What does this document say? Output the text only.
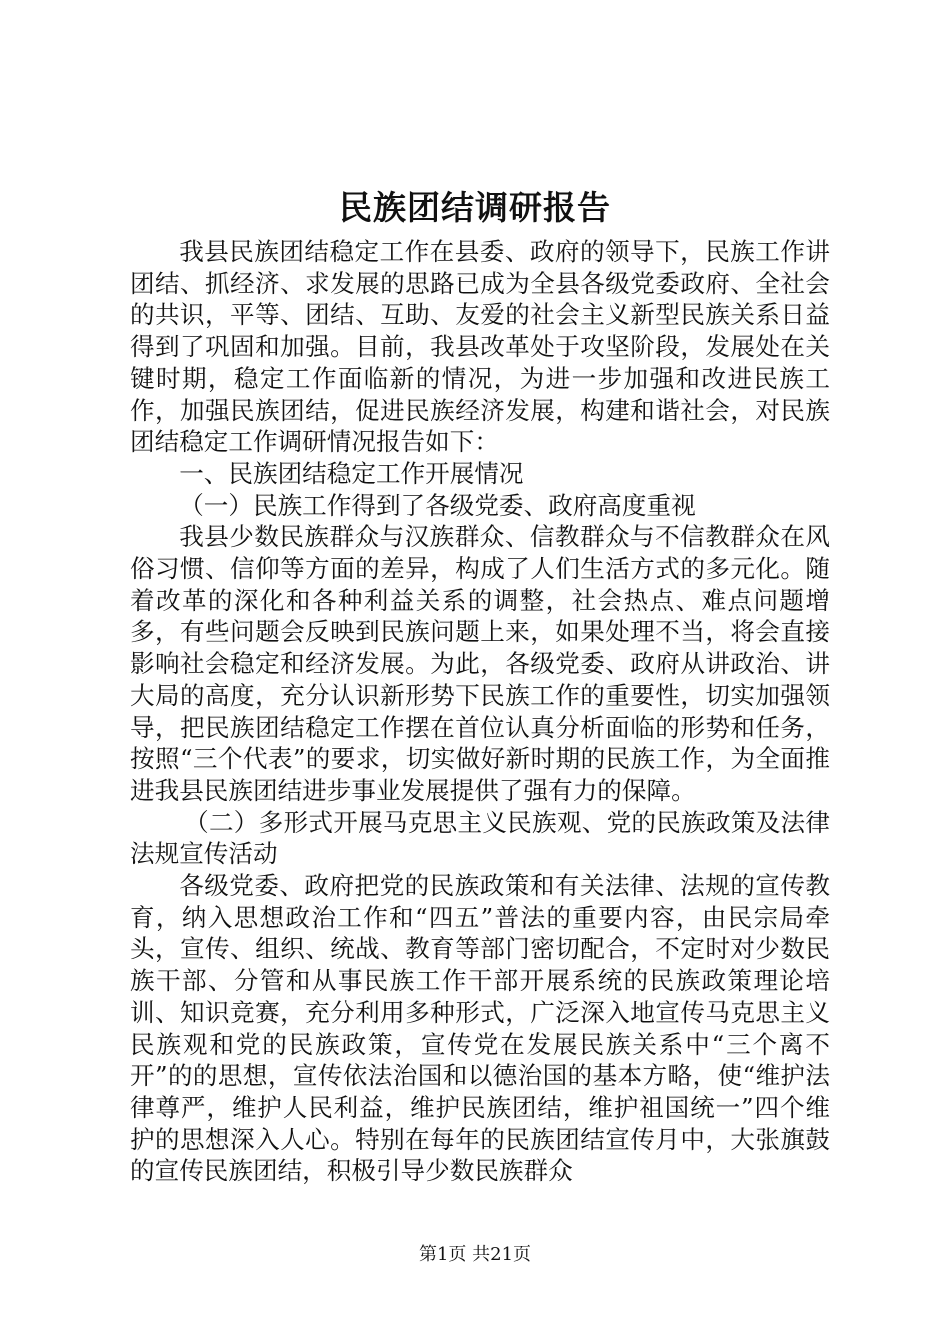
民族团结调研报告

我县民族团结稳定工作在县委、政府的领导下，民族工作讲团结、抓经济、求发展的思路已成为全县各级党委政府、全社会的共识，平等、团结、互助、友爱的社会主义新型民族关系日益得到了巩固和加强。目前，我县改革处于攻坚阶段，发展处在关键时期，稳定工作面临新的情况，为进一步加强和改进民族工作，加强民族团结，促进民族经济发展，构建和谐社会，对民族团结稳定工作调研情况报告如下：

一、民族团结稳定工作开展情况

（一）民族工作得到了各级党委、政府高度重视

我县少数民族群众与汉族群众、信教群众与不信教群众在风俗习惯、信仰等方面的差异，构成了人们生活方式的多元化。随着改革的深化和各种利益关系的调整，社会热点、难点问题增多，有些问题会反映到民族问题上来，如果处理不当，将会直接影响社会稳定和经济发展。为此，各级党委、政府从讲政治、讲大局的高度，充分认识新形势下民族工作的重要性，切实加强领导，把民族团结稳定工作摆在首位认真分析面临的形势和任务，按照“三个代表”的要求，切实做好新时期的民族工作，为全面推进我县民族团结进步事业发展提供了强有力的保障。

（二）多形式开展马克思主义民族观、党的民族政策及法律法规宣传活动

各级党委、政府把党的民族政策和有关法律、法规的宣传教育，纳入思想政治工作和“四五”普法的重要内容，由民宗局牵头，宣传、组织、统战、教育等部门密切配合，不定时对少数民族干部、分管和从事民族工作干部开展系统的民族政策理论培训、知识竞赛，充分利用多种形式，广泛深入地宣传马克思主义民族观和党的民族政策，宣传党在发展民族关系中“三个离不开”的的思想，宣传依法治国和以德治国的基本方略，使“维护法律尊严，维护人民利益，维护民族团结，维护祖国统一”四个维护的思想深入人心。特别在每年的民族团结宣传月中，大张旗鼓的宣传民族团结，积极引导少数民族群众

第1页 共21页
